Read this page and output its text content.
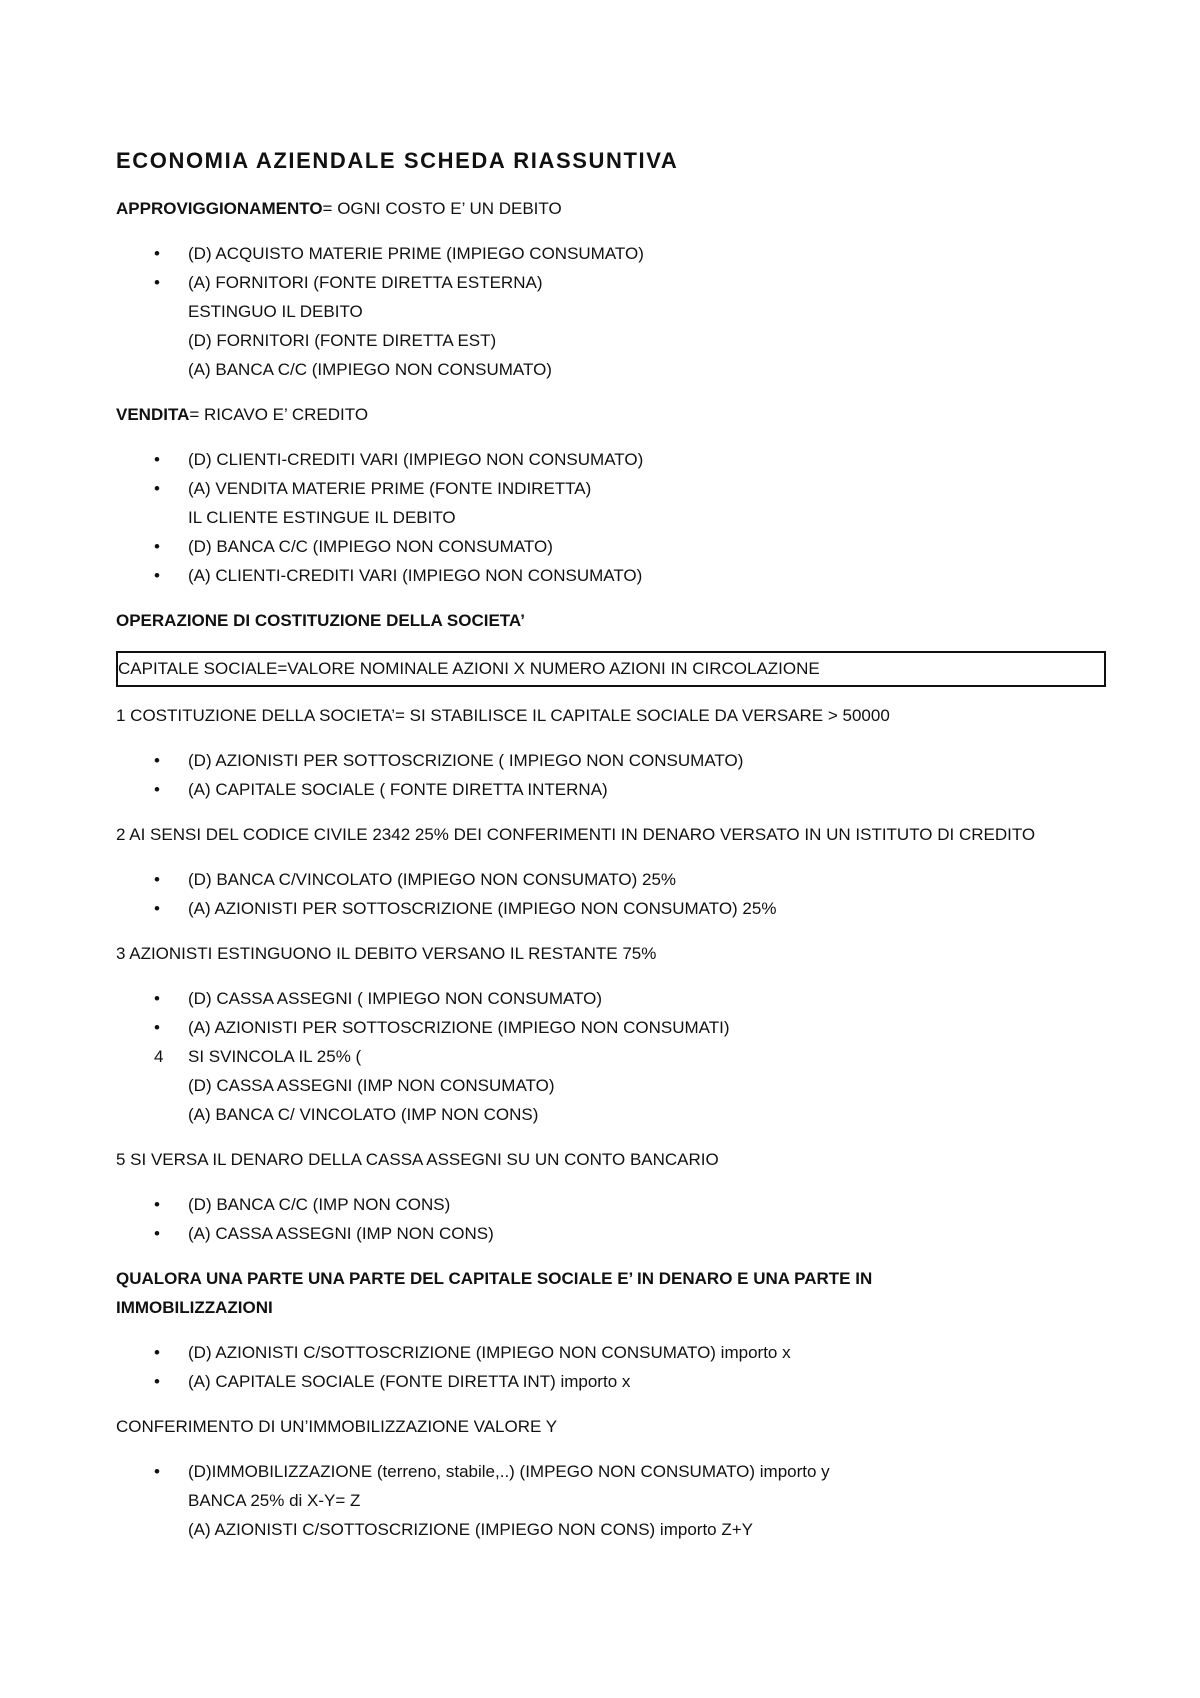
ECONOMIA AZIENDALE SCHEDA RIASSUNTIVA
APPROVIGGIONAMENTO= OGNI COSTO E’ UN DEBITO
• (D) ACQUISTO MATERIE PRIME (IMPIEGO CONSUMATO)
• (A) FORNITORI (FONTE DIRETTA ESTERNA)
ESTINGUO IL DEBITO
(D) FORNITORI (FONTE DIRETTA EST)
(A) BANCA C/C (IMPIEGO NON CONSUMATO)
VENDITA= RICAVO E’ CREDITO
• (D) CLIENTI-CREDITI VARI (IMPIEGO NON CONSUMATO)
• (A) VENDITA MATERIE PRIME (FONTE INDIRETTA)
IL CLIENTE ESTINGUE IL DEBITO
• (D) BANCA C/C (IMPIEGO NON CONSUMATO)
• (A) CLIENTI-CREDITI VARI (IMPIEGO NON CONSUMATO)
OPERAZIONE DI COSTITUZIONE DELLA SOCIETA’
CAPITALE SOCIALE=VALORE NOMINALE AZIONI X NUMERO AZIONI IN CIRCOLAZIONE
1 COSTITUZIONE DELLA SOCIETA’= SI STABILISCE IL CAPITALE SOCIALE DA VERSARE > 50000
• (D) AZIONISTI PER SOTTOSCRIZIONE ( IMPIEGO NON CONSUMATO)
• (A) CAPITALE SOCIALE ( FONTE DIRETTA INTERNA)
2 AI SENSI DEL CODICE CIVILE 2342 25% DEI CONFERIMENTI IN DENARO VERSATO IN UN ISTITUTO DI CREDITO
• (D) BANCA C/VINCOLATO (IMPIEGO NON CONSUMATO) 25%
• (A) AZIONISTI PER SOTTOSCRIZIONE (IMPIEGO NON CONSUMATO) 25%
3 AZIONISTI ESTINGUONO IL DEBITO VERSANO IL RESTANTE 75%
• (D) CASSA ASSEGNI ( IMPIEGO NON CONSUMATO)
• (A) AZIONISTI PER SOTTOSCRIZIONE (IMPIEGO NON CONSUMATI)
4 SI SVINCOLA IL 25% (
(D) CASSA ASSEGNI (IMP NON CONSUMATO)
(A) BANCA C/ VINCOLATO (IMP NON CONS)
5 SI VERSA IL DENARO DELLA CASSA ASSEGNI SU UN CONTO BANCARIO
• (D) BANCA C/C (IMP NON CONS)
• (A) CASSA ASSEGNI (IMP NON CONS)
QUALORA UNA PARTE UNA PARTE DEL CAPITALE SOCIALE E’ IN DENARO E UNA PARTE IN IMMOBILIZZAZIONI
• (D) AZIONISTI C/SOTTOSCRIZIONE (IMPIEGO NON CONSUMATO) importo x
• (A) CAPITALE SOCIALE (FONTE DIRETTA INT) importo x
CONFERIMENTO DI UN’IMMOBILIZZAZIONE VALORE Y
• (D)IMMOBILIZZAZIONE (terreno, stabile,..) (IMPEGO NON CONSUMATO) importo y
BANCA 25% di X-Y= Z
(A) AZIONISTI C/SOTTOSCRIZIONE (IMPIEGO NON CONS) importo Z+Y
